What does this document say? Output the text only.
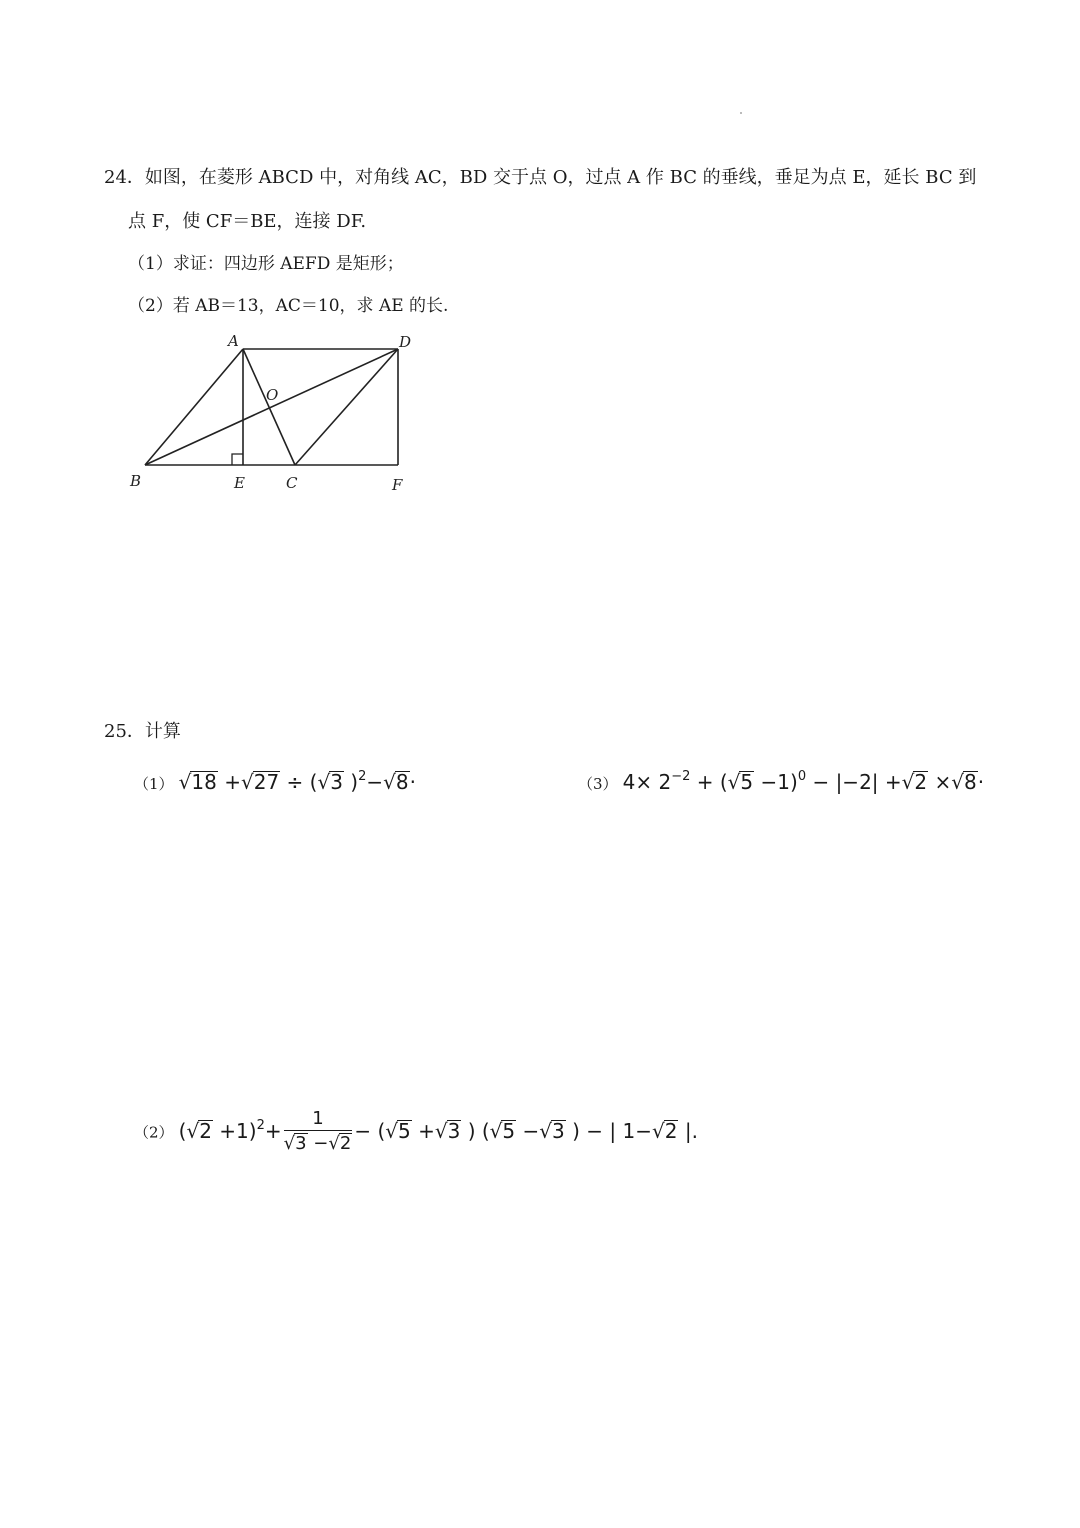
24．如图，在菱形 ABCD 中，对角线 AC，BD 交于点 O，过点 A 作 BC 的垂线，垂足为点 E，延长 BC 到
点 F，使 CF＝BE，连接 DF.
（1）求证：四边形 AEFD 是矩形；
（2）若 AB＝13，AC＝10，求 AE 的长.
A	D
O
B	E	C	F
25．计算
（1） √18 +√27 ÷ (√3 )$^2$−√8·	（3） $4\times 2^{-2} + (√5 -1)^0 - |-2| +√2 \times√8\cdot$
（2） $(√2 +1)^2+ \frac{1}{√3 -√2} - (√5 +√3$ ) (√5 −√3 ) − | 1−√2 |.
